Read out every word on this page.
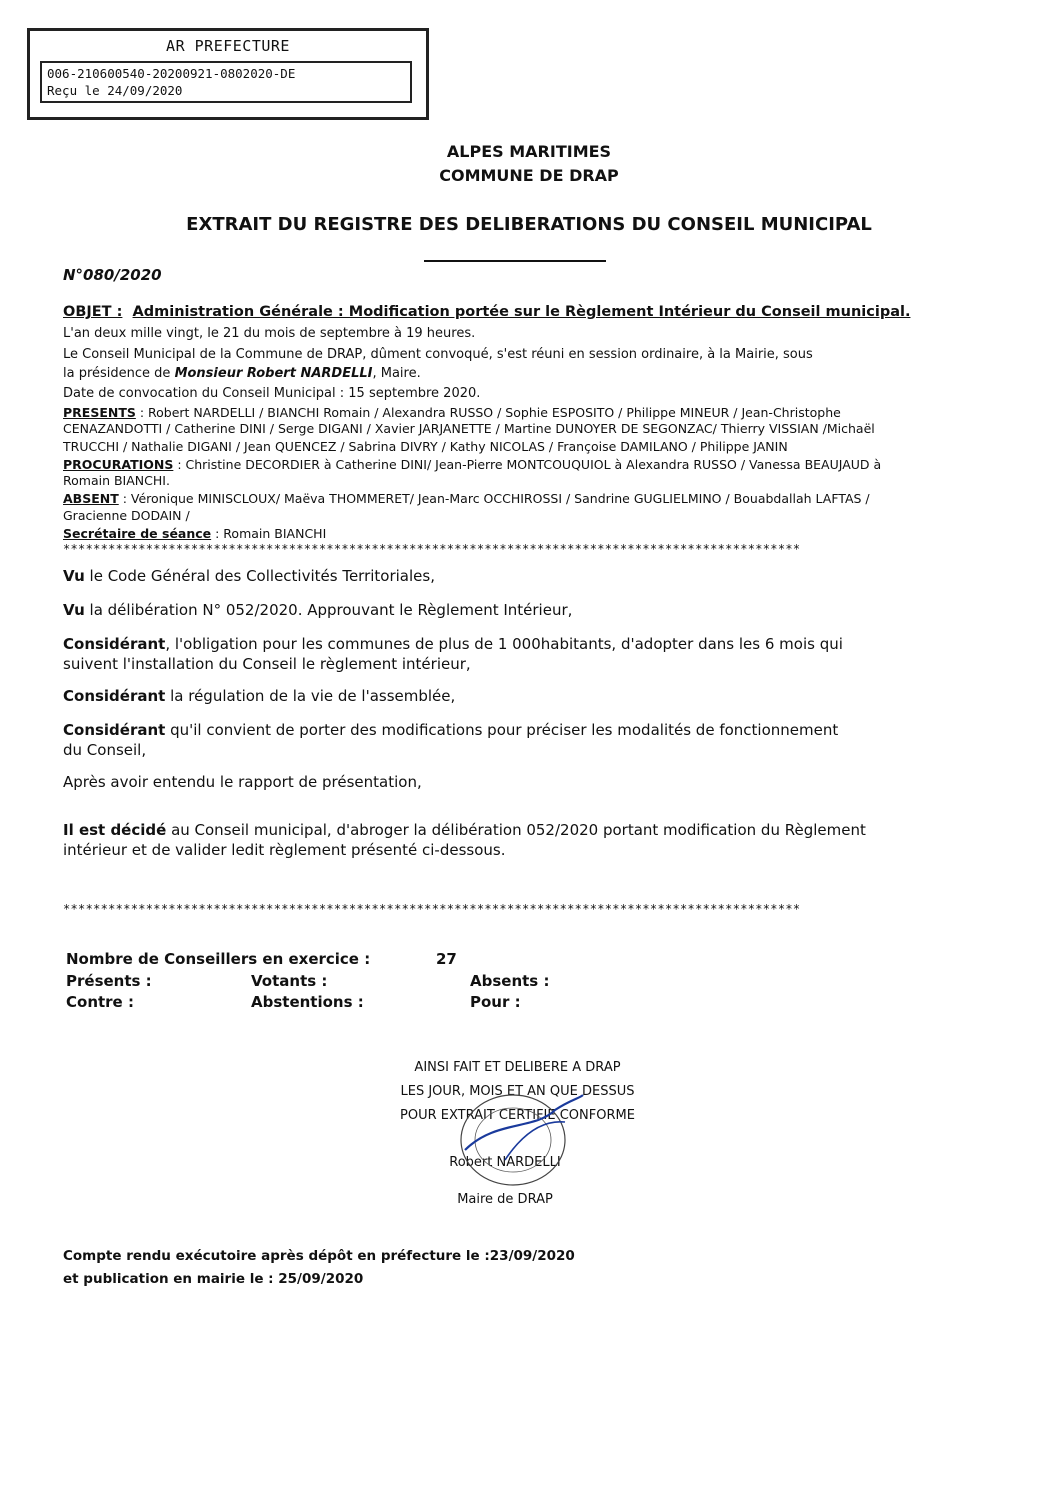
AR PREFECTURE
006-210600540-20200921-0802020-DE
Reçu le 24/09/2020
ALPES MARITIMES
COMMUNE DE DRAP
EXTRAIT DU REGISTRE DES DELIBERATIONS DU CONSEIL MUNICIPAL
N°080/2020
OBJET : Administration Générale : Modification portée sur le Règlement Intérieur du Conseil municipal.
L'an deux mille vingt, le 21 du mois de septembre à 19 heures.
Le Conseil Municipal de la Commune de DRAP, dûment convoqué, s'est réuni en session ordinaire, à la Mairie, sous
la présidence de Monsieur Robert NARDELLI, Maire.
Date de convocation du Conseil Municipal : 15 septembre 2020.
PRESENTS : Robert NARDELLI / BIANCHI Romain / Alexandra RUSSO / Sophie ESPOSITO / Philippe MINEUR / Jean-Christophe
CENAZANDOTTI / Catherine DINI / Serge DIGANI / Xavier JARJANETTE / Martine DUNOYER DE SEGONZAC/ Thierry VISSIAN /Michaël
TRUCCHI / Nathalie DIGANI / Jean QUENCEZ / Sabrina DIVRY / Kathy NICOLAS / Françoise DAMILANO / Philippe JANIN
PROCURATIONS : Christine DECORDIER à Catherine DINI/ Jean-Pierre MONTCOUQUIOL à Alexandra RUSSO / Vanessa BEAUJAUD à
Romain BIANCHI.
ABSENT : Véronique MINISCLOUX/ Maëva THOMMERET/ Jean-Marc OCCHIROSSI / Sandrine GUGLIELMINO / Bouabdallah LAFTAS /
Gracienne DODAIN /
Secrétaire de séance : Romain BIANCHI
**************************************************************************************************
Vu le Code Général des Collectivités Territoriales,
Vu la délibération N° 052/2020. Approuvant le Règlement Intérieur,
Considérant, l'obligation pour les communes de plus de 1 000habitants, d'adopter dans les 6 mois qui
suivent l'installation du Conseil le règlement intérieur,
Considérant la régulation de la vie de l'assemblée,
Considérant qu'il convient de porter des modifications pour préciser les modalités de fonctionnement
du Conseil,
Après avoir entendu le rapport de présentation,
Il est décidé au Conseil municipal, d'abroger la délibération 052/2020 portant modification du Règlement
intérieur et de valider ledit règlement présenté ci-dessous.
**************************************************************************************************
Nombre de Conseillers en exercice :	27
Présents :	Votants :	Absents :
Contre :	Abstentions :	Pour :
AINSI FAIT ET DELIBERE A DRAP
LES JOUR, MOIS ET AN QUE DESSUS
POUR EXTRAIT CERTIFIE CONFORME
Robert NARDELLI
Maire de DRAP
Compte rendu exécutoire après dépôt en préfecture le :23/09/2020
et publication en mairie le : 25/09/2020
